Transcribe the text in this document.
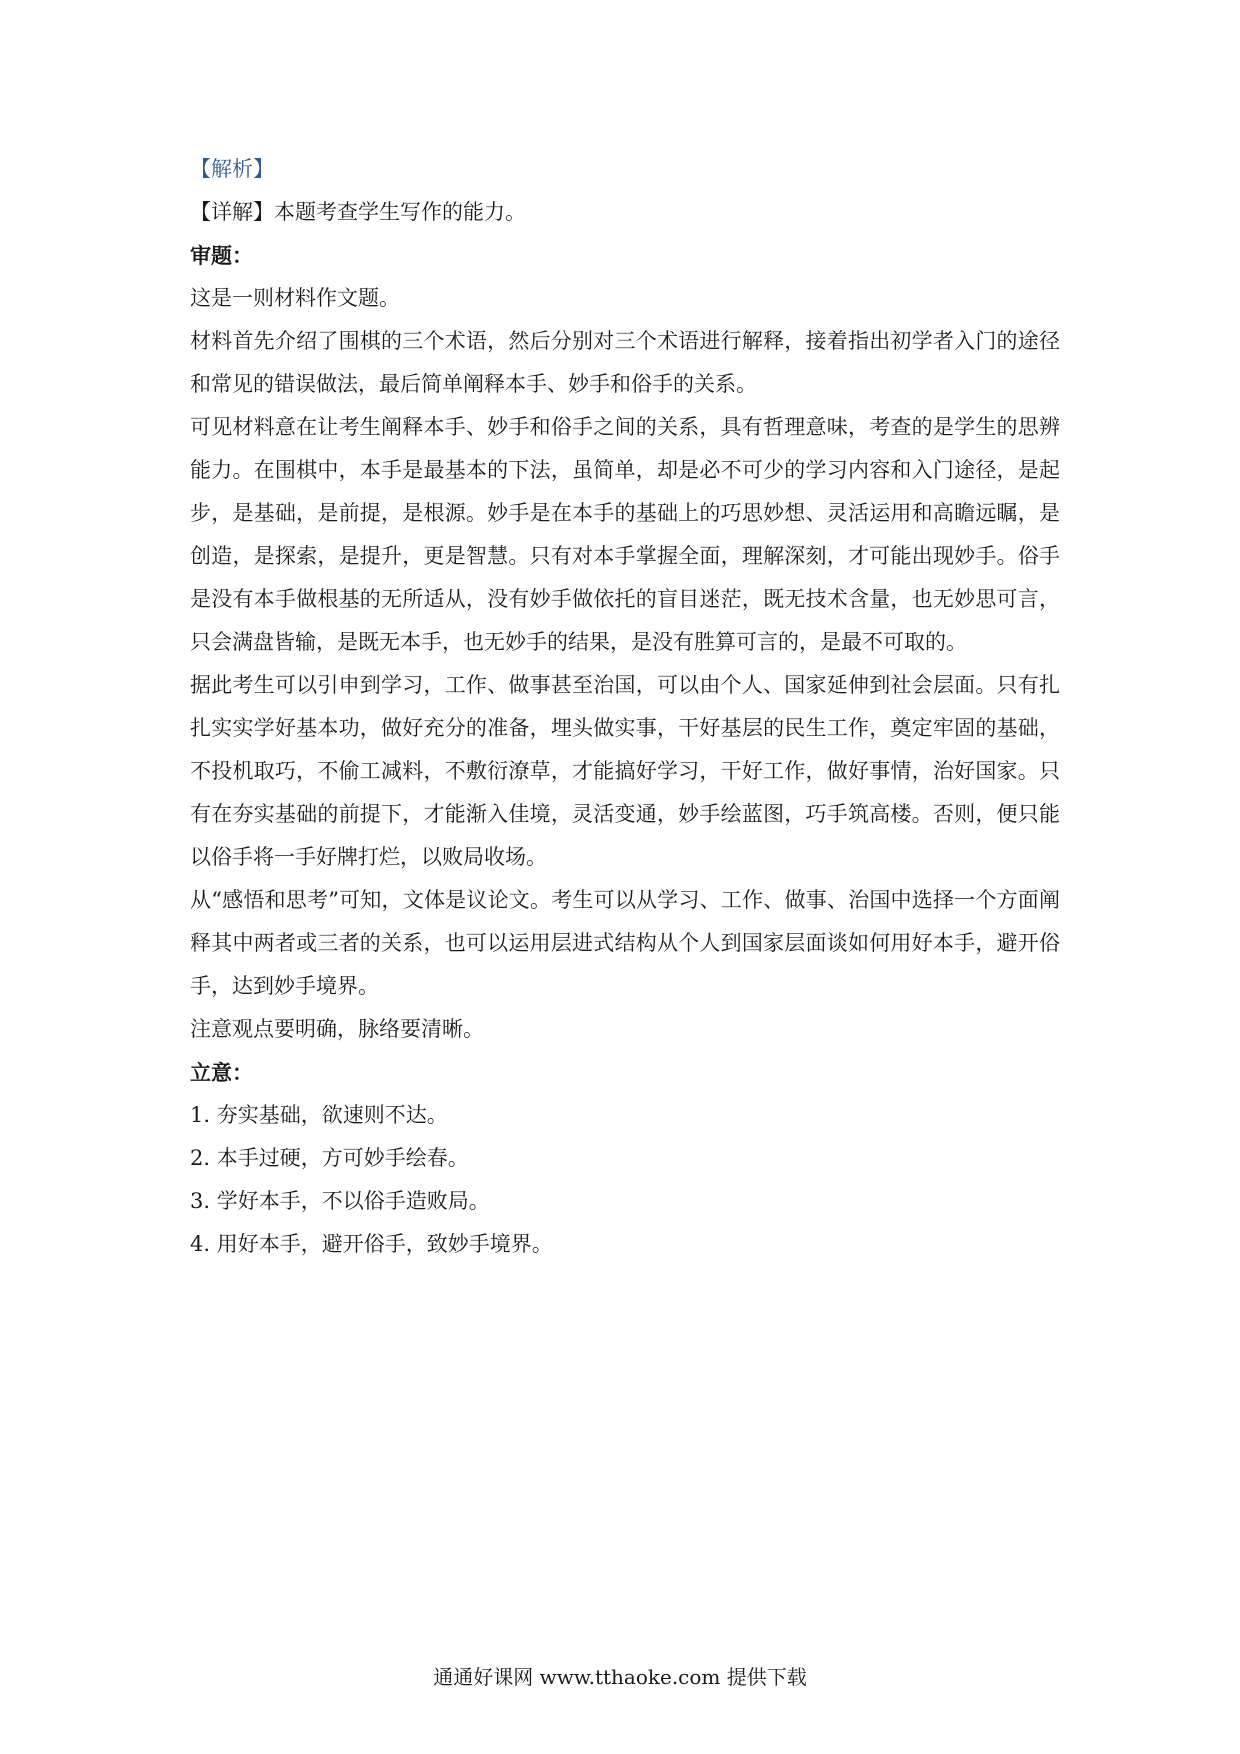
【解析】

【详解】本题考查学生写作的能力。

审题：

这是一则材料作文题。

材料首先介绍了围棋的三个术语，然后分别对三个术语进行解释，接着指出初学者入门的途径和常见的错误做法，最后简单阐释本手、妙手和俗手的关系。

可见材料意在让考生阐释本手、妙手和俗手之间的关系，具有哲理意味，考查的是学生的思辨能力。在围棋中，本手是最基本的下法，虽简单，却是必不可少的学习内容和入门途径，是起步，是基础，是前提，是根源。妙手是在本手的基础上的巧思妙想、灵活运用和高瞻远瞩，是创造，是探索，是提升，更是智慧。只有对本手掌握全面，理解深刻，才可能出现妙手。俗手是没有本手做根基的无所适从，没有妙手做依托的盲目迷茫，既无技术含量，也无妙思可言，只会满盘皆输，是既无本手，也无妙手的结果，是没有胜算可言的，是最不可取的。

据此考生可以引申到学习，工作、做事甚至治国，可以由个人、国家延伸到社会层面。只有扎扎实实学好基本功，做好充分的准备，埋头做实事，干好基层的民生工作，奠定牢固的基础，不投机取巧，不偷工减料，不敷衍潦草，才能搞好学习，干好工作，做好事情，治好国家。只有在夯实基础的前提下，才能渐入佳境，灵活变通，妙手绘蓝图，巧手筑高楼。否则，便只能以俗手将一手好牌打烂，以败局收场。

从“感悟和思考”可知，文体是议论文。考生可以从学习、工作、做事、治国中选择一个方面阐释其中两者或三者的关系，也可以运用层进式结构从个人到国家层面谈如何用好本手，避开俗手，达到妙手境界。

注意观点要明确，脉络要清晰。

立意：

1. 夯实基础，欲速则不达。

2. 本手过硬，方可妙手绘春。

3. 学好本手，不以俗手造败局。

4. 用好本手，避开俗手，致妙手境界。

通通好课网 www.tthaoke.com 提供下载
